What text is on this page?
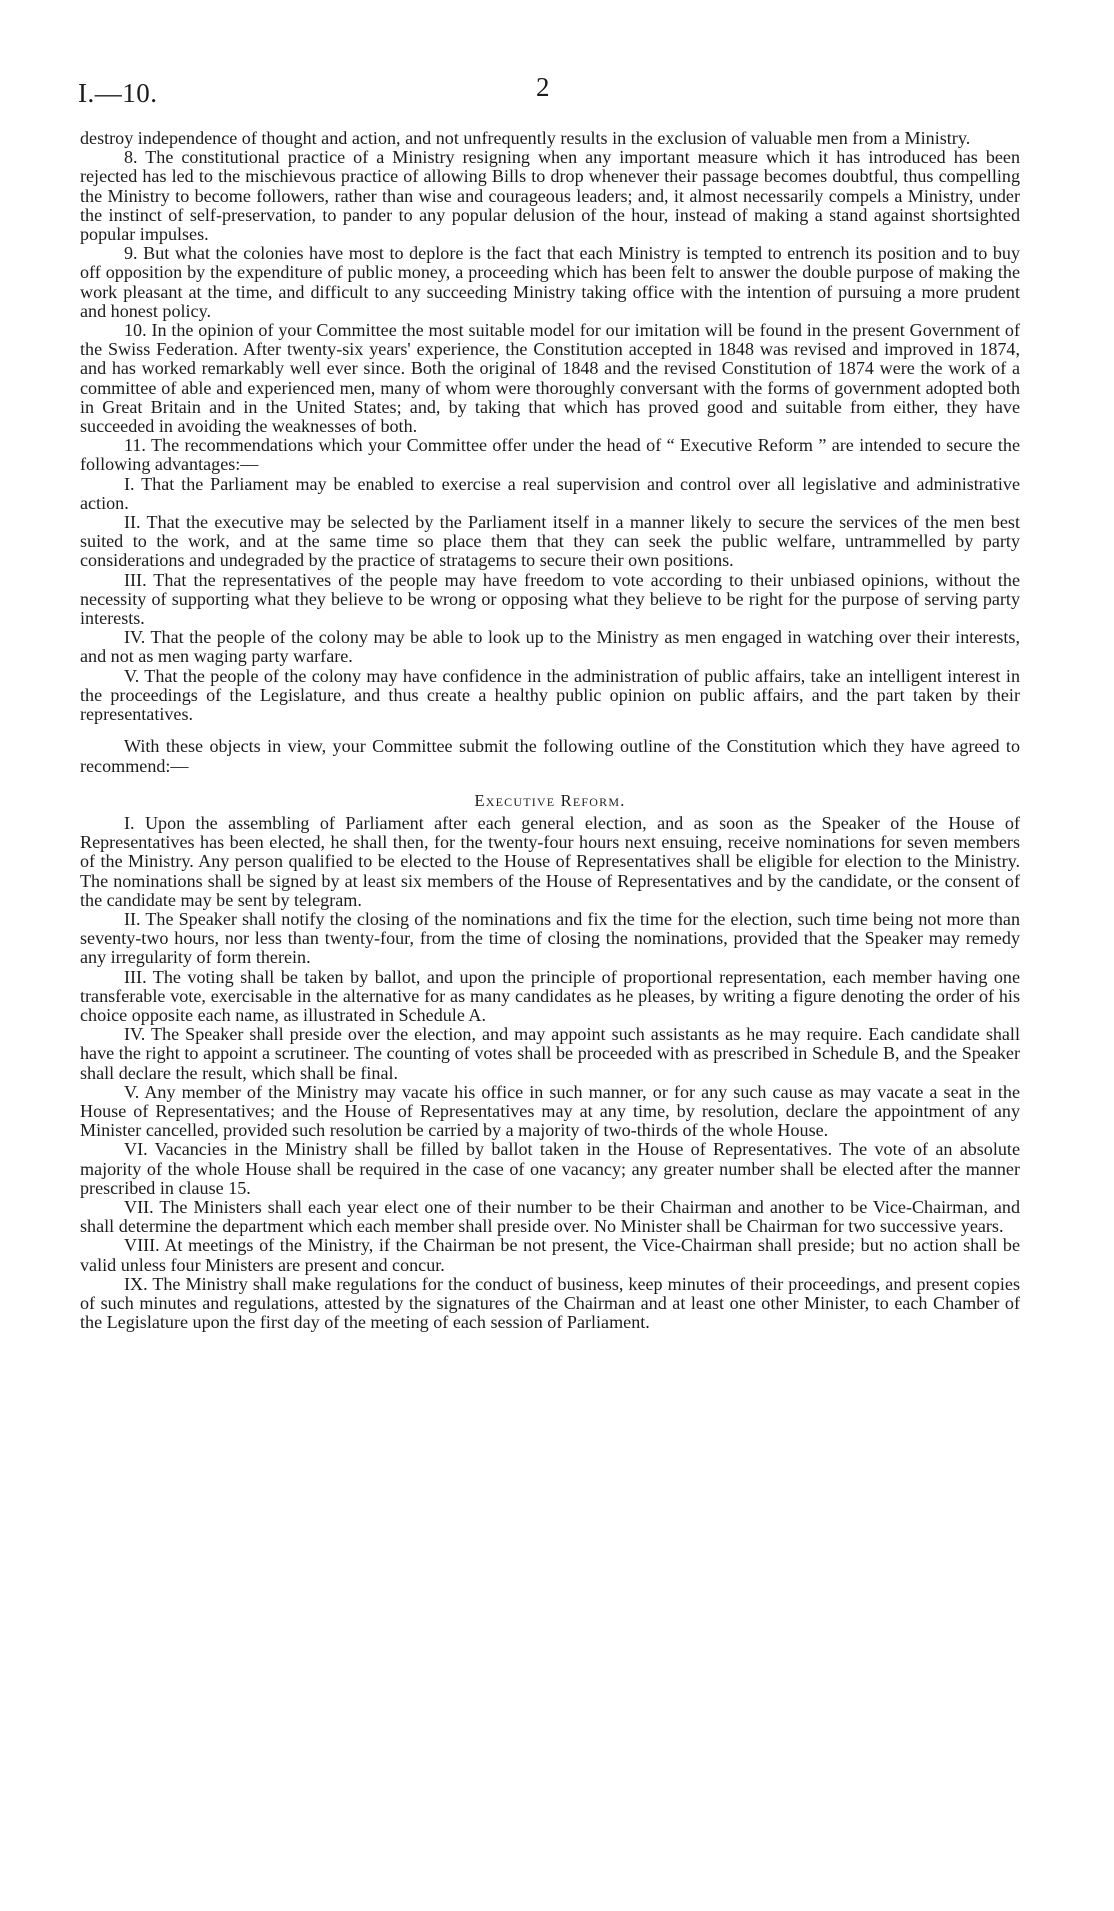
I.—10.	2

destroy independence of thought and action, and not unfrequently results in the exclusion of valuable men from a Ministry.

8. The constitutional practice of a Ministry resigning when any important measure which it has introduced has been rejected has led to the mischievous practice of allowing Bills to drop whenever their passage becomes doubtful, thus compelling the Ministry to become followers, rather than wise and courageous leaders; and, it almost necessarily compels a Ministry, under the instinct of self-preservation, to pander to any popular delusion of the hour, instead of making a stand against shortsighted popular impulses.

9. But what the colonies have most to deplore is the fact that each Ministry is tempted to entrench its position and to buy off opposition by the expenditure of public money, a proceeding which has been felt to answer the double purpose of making the work pleasant at the time, and difficult to any succeeding Ministry taking office with the intention of pursuing a more prudent and honest policy.

10. In the opinion of your Committee the most suitable model for our imitation will be found in the present Government of the Swiss Federation. After twenty-six years' experience, the Constitution accepted in 1848 was revised and improved in 1874, and has worked remarkably well ever since. Both the original of 1848 and the revised Constitution of 1874 were the work of a committee of able and experienced men, many of whom were thoroughly conversant with the forms of government adopted both in Great Britain and in the United States; and, by taking that which has proved good and suitable from either, they have succeeded in avoiding the weaknesses of both.

11. The recommendations which your Committee offer under the head of “ Executive Reform ” are intended to secure the following advantages:—

I. That the Parliament may be enabled to exercise a real supervision and control over all legislative and administrative action.

II. That the executive may be selected by the Parliament itself in a manner likely to secure the services of the men best suited to the work, and at the same time so place them that they can seek the public welfare, untrammelled by party considerations and undegraded by the practice of stratagems to secure their own positions.

III. That the representatives of the people may have freedom to vote according to their unbiased opinions, without the necessity of supporting what they believe to be wrong or opposing what they believe to be right for the purpose of serving party interests.

IV. That the people of the colony may be able to look up to the Ministry as men engaged in watching over their interests, and not as men waging party warfare.

V. That the people of the colony may have confidence in the administration of public affairs, take an intelligent interest in the proceedings of the Legislature, and thus create a healthy public opinion on public affairs, and the part taken by their representatives.

With these objects in view, your Committee submit the following outline of the Constitution which they have agreed to recommend:—

Executive Reform.

I. Upon the assembling of Parliament after each general election, and as soon as the Speaker of the House of Representatives has been elected, he shall then, for the twenty-four hours next ensuing, receive nominations for seven members of the Ministry. Any person qualified to be elected to the House of Representatives shall be eligible for election to the Ministry. The nominations shall be signed by at least six members of the House of Representatives and by the candidate, or the consent of the candidate may be sent by telegram.

II. The Speaker shall notify the closing of the nominations and fix the time for the election, such time being not more than seventy-two hours, nor less than twenty-four, from the time of closing the nominations, provided that the Speaker may remedy any irregularity of form therein.

III. The voting shall be taken by ballot, and upon the principle of proportional representation, each member having one transferable vote, exercisable in the alternative for as many candidates as he pleases, by writing a figure denoting the order of his choice opposite each name, as illustrated in Schedule A.

IV. The Speaker shall preside over the election, and may appoint such assistants as he may require. Each candidate shall have the right to appoint a scrutineer. The counting of votes shall be proceeded with as prescribed in Schedule B, and the Speaker shall declare the result, which shall be final.

V. Any member of the Ministry may vacate his office in such manner, or for any such cause as may vacate a seat in the House of Representatives; and the House of Representatives may at any time, by resolution, declare the appointment of any Minister cancelled, provided such resolution be carried by a majority of two-thirds of the whole House.

VI. Vacancies in the Ministry shall be filled by ballot taken in the House of Representatives. The vote of an absolute majority of the whole House shall be required in the case of one vacancy; any greater number shall be elected after the manner prescribed in clause 15.

VII. The Ministers shall each year elect one of their number to be their Chairman and another to be Vice-Chairman, and shall determine the department which each member shall preside over. No Minister shall be Chairman for two successive years.

VIII. At meetings of the Ministry, if the Chairman be not present, the Vice-Chairman shall preside; but no action shall be valid unless four Ministers are present and concur.

IX. The Ministry shall make regulations for the conduct of business, keep minutes of their proceedings, and present copies of such minutes and regulations, attested by the signatures of the Chairman and at least one other Minister, to each Chamber of the Legislature upon the first day of the meeting of each session of Parliament.
